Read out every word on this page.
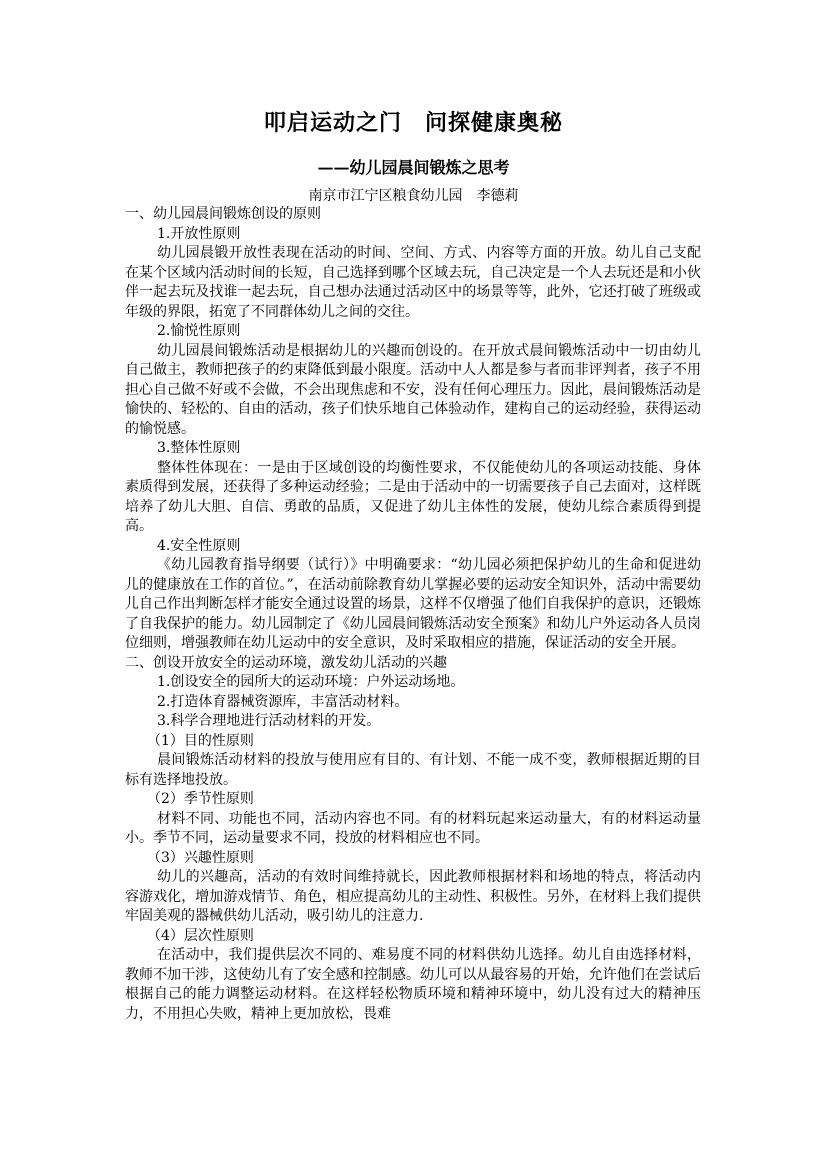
叩启运动之门　问探健康奥秘
——幼儿园晨间锻炼之思考
南京市江宁区粮食幼儿园　李德莉

一、幼儿园晨间锻炼创设的原则

1.开放性原则

幼儿园晨锻开放性表现在活动的时间、空间、方式、内容等方面的开放。幼儿自己支配在某个区域内活动时间的长短，自己选择到哪个区域去玩，自己决定是一个人去玩还是和小伙伴一起去玩及找谁一起去玩，自己想办法通过活动区中的场景等等，此外，它还打破了班级或年级的界限，拓宽了不同群体幼儿之间的交往。

2.愉悦性原则

幼儿园晨间锻炼活动是根据幼儿的兴趣而创设的。在开放式晨间锻炼活动中一切由幼儿自己做主，教师把孩子的约束降低到最小限度。活动中人人都是参与者而非评判者，孩子不用担心自己做不好或不会做，不会出现焦虑和不安，没有任何心理压力。因此，晨间锻炼活动是愉快的、轻松的、自由的活动，孩子们快乐地自己体验动作，建构自己的运动经验，获得运动的愉悦感。

3.整体性原则

整体性体现在：一是由于区域创设的均衡性要求，不仅能使幼儿的各项运动技能、身体素质得到发展，还获得了多种运动经验；二是由于活动中的一切需要孩子自己去面对，这样既培养了幼儿大胆、自信、勇敢的品质，又促进了幼儿主体性的发展，使幼儿综合素质得到提高。

4.安全性原则

《幼儿园教育指导纲要（试行）》中明确要求：“幼儿园必须把保护幼儿的生命和促进幼儿的健康放在工作的首位。”，在活动前除教育幼儿掌握必要的运动安全知识外，活动中需要幼儿自己作出判断怎样才能安全通过设置的场景，这样不仅增强了他们自我保护的意识，还锻炼了自我保护的能力。幼儿园制定了《幼儿园晨间锻炼活动安全预案》和幼儿户外运动各人员岗位细则，增强教师在幼儿运动中的安全意识，及时采取相应的措施，保证活动的安全开展。

二、创设开放安全的运动环境，激发幼儿活动的兴趣

1.创设安全的园所大的运动环境：户外运动场地。

2.打造体育器械资源库，丰富活动材料。

3.科学合理地进行活动材料的开发。

（1）目的性原则

晨间锻炼活动材料的投放与使用应有目的、有计划、不能一成不变，教师根据近期的目标有选择地投放。

（2）季节性原则

材料不同、功能也不同，活动内容也不同。有的材料玩起来运动量大，有的材料运动量小。季节不同，运动量要求不同，投放的材料相应也不同。

（3）兴趣性原则

幼儿的兴趣高，活动的有效时间维持就长，因此教师根据材料和场地的特点，将活动内容游戏化，增加游戏情节、角色，相应提高幼儿的主动性、积极性。另外，在材料上我们提供牢固美观的器械供幼儿活动，吸引幼儿的注意力.

（4）层次性原则

在活动中，我们提供层次不同的、难易度不同的材料供幼儿选择。幼儿自由选择材料，教师不加干涉，这使幼儿有了安全感和控制感。幼儿可以从最容易的开始，允许他们在尝试后根据自己的能力调整运动材料。在这样轻松物质环境和精神环境中，幼儿没有过大的精神压力，不用担心失败，精神上更加放松，畏难
